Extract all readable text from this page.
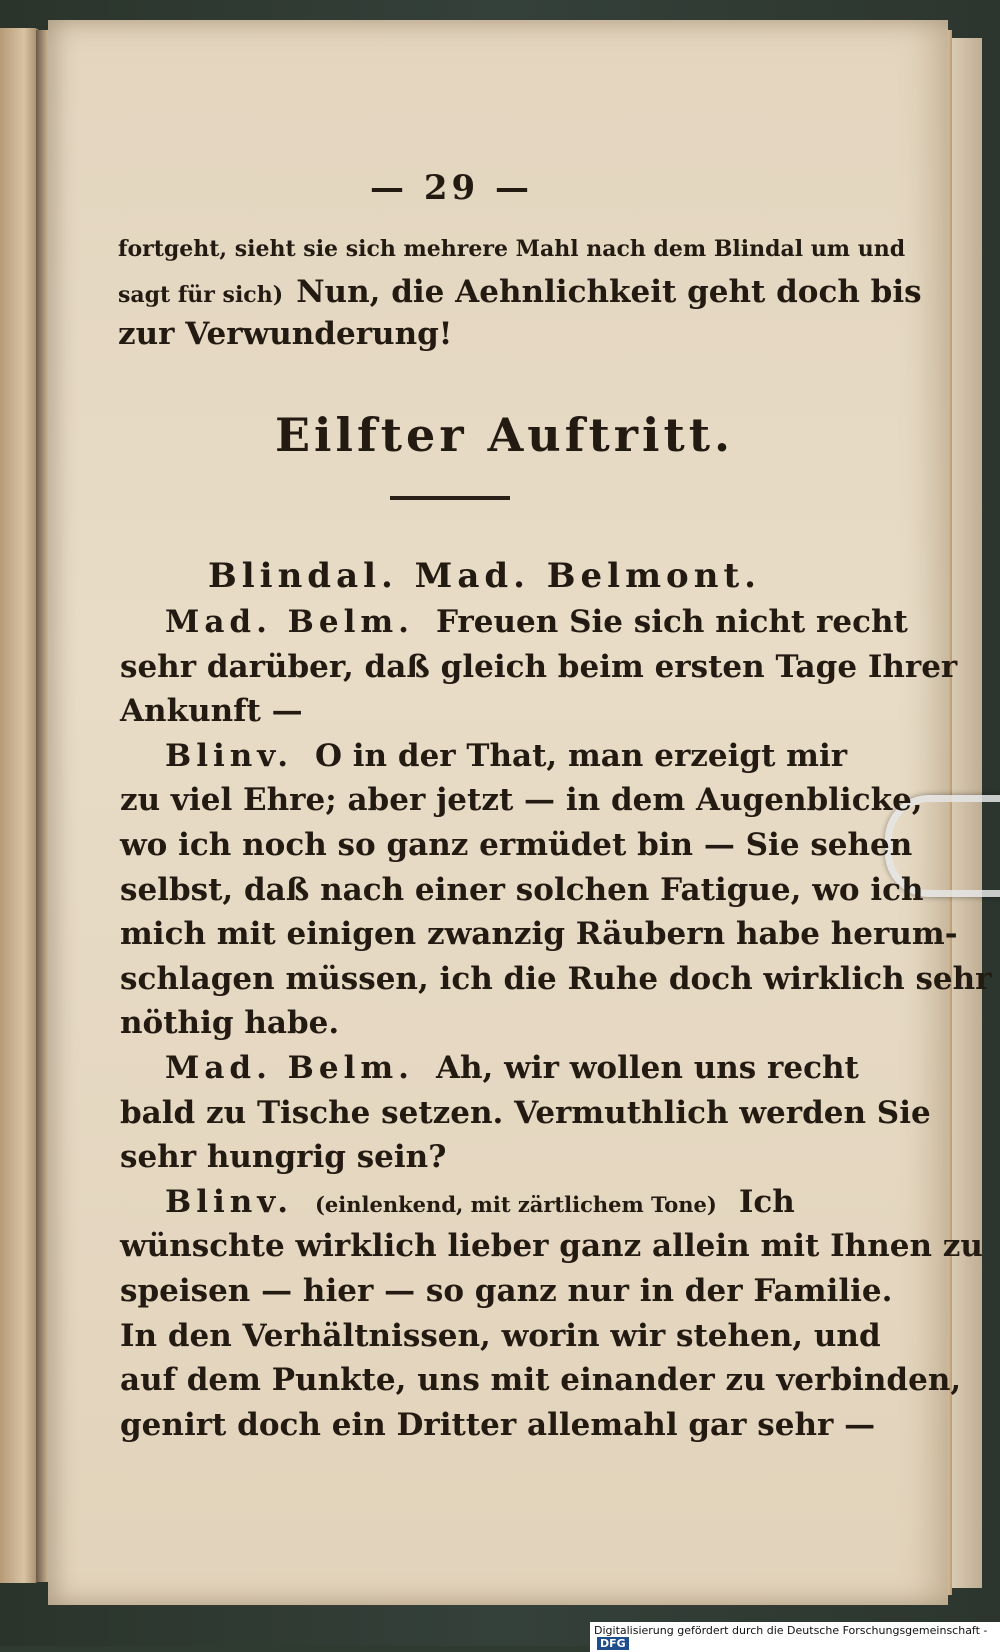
— 29 —
fortgeht, sieht sie sich mehrere Mahl nach dem Blindal um und
sagt für sich) Nun, die Aehnlichkeit geht doch bis
zur Verwunderung!
Eilfter Auftritt.
Blindal. Mad. Belmont.
Digitalisierung gefördert durch die Deutsche Forschungsgemeinschaft -DFG
Mad. Belm. Freuen Sie sich nicht recht
sehr darüber, daß gleich beim ersten Tage Ihrer
Ankunft —
Blinv. O in der That, man erzeigt mir
zu viel Ehre; aber jetzt — in dem Augenblicke,
wo ich noch so ganz ermüdet bin — Sie sehen
selbst, daß nach einer solchen Fatigue, wo ich
mich mit einigen zwanzig Räubern habe herum-
schlagen müssen, ich die Ruhe doch wirklich sehr
nöthig habe.
Mad. Belm. Ah, wir wollen uns recht
bald zu Tische setzen. Vermuthlich werden Sie
sehr hungrig sein?
Blinv. (einlenkend, mit zärtlichem Tone) Ich
wünschte wirklich lieber ganz allein mit Ihnen zu
speisen — hier — so ganz nur in der Familie.
In den Verhältnissen, worin wir stehen, und
auf dem Punkte, uns mit einander zu verbinden,
genirt doch ein Dritter allemahl gar sehr —
